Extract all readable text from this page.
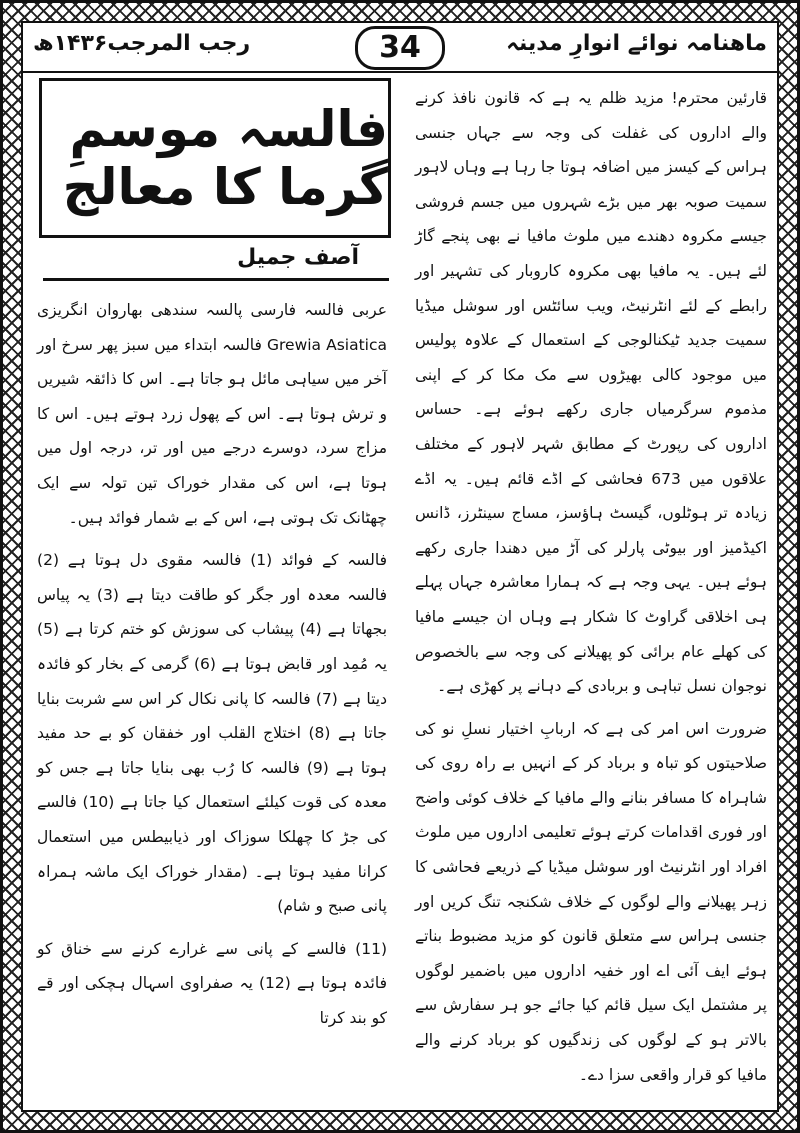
ماھنامہ نوائے انوارِ مدینہ
34
رجب المرجب۱۴۳۶ھ

قارئین محترم! مزید ظلم یہ ہے کہ قانون نافذ کرنے والے اداروں کی غفلت کی وجہ سے جہاں جنسی ہراس کے کیسز میں اضافہ ہوتا جا رہا ہے وہاں لاہور سمیت صوبہ بھر میں بڑے شہروں میں جسم فروشی جیسے مکروہ دھندے میں ملوث مافیا نے بھی پنجے گاڑ لئے ہیں۔ یہ مافیا بھی مکروہ کاروبار کی تشہیر اور رابطے کے لئے انٹرنیٹ، ویب سائٹس اور سوشل میڈیا سمیت جدید ٹیکنالوجی کے استعمال کے علاوہ پولیس میں موجود کالی بھیڑوں سے مک مکا کر کے اپنی مذموم سرگرمیاں جاری رکھے ہوئے ہے۔ حساس اداروں کی رپورٹ کے مطابق شہر لاہور کے مختلف علاقوں میں 673 فحاشی کے اڈے قائم ہیں۔ یہ اڈے زیادہ تر ہوٹلوں، گیسٹ ہاؤسز، مساج سینٹرز، ڈانس اکیڈمیز اور بیوٹی پارلر کی آڑ میں دھندا جاری رکھے ہوئے ہیں۔ یہی وجہ ہے کہ ہمارا معاشرہ جہاں پہلے ہی اخلاقی گراوٹ کا شکار ہے وہاں ان جیسے مافیا کی کھلے عام برائی کو پھیلانے کی وجہ سے بالخصوص نوجوان نسل تباہی و بربادی کے دہانے پر کھڑی ہے۔

ضرورت اس امر کی ہے کہ اربابِ اختیار نسلِ نو کی صلاحیتوں کو تباہ و برباد کر کے انہیں بے راہ روی کی شاہراہ کا مسافر بنانے والے مافیا کے خلاف کوئی واضح اور فوری اقدامات کرتے ہوئے تعلیمی اداروں میں ملوث افراد اور انٹرنیٹ اور سوشل میڈیا کے ذریعے فحاشی کا زہر پھیلانے والے لوگوں کے خلاف شکنجہ تنگ کریں اور جنسی ہراس سے متعلق قانون کو مزید مضبوط بناتے ہوئے ایف آئی اے اور خفیہ اداروں میں باضمیر لوگوں پر مشتمل ایک سیل قائم کیا جائے جو ہر سفارش سے بالاتر ہو کے لوگوں کی زندگیوں کو برباد کرنے والے مافیا کو قرار واقعی سزا دے۔

فالسہ موسمِ گرما کا معالج
آصف جمیل

عربی فالسہ فارسی پالسہ سندھی بھاروان انگریزی Grewia Asiatica فالسہ ابتداء میں سبز پھر سرخ اور آخر میں سیاہی مائل ہو جاتا ہے۔ اس کا ذائقہ شیریں و ترش ہوتا ہے۔ اس کے پھول زرد ہوتے ہیں۔ اس کا مزاج سرد، دوسرے درجے میں اور تر، درجہ اول میں ہوتا ہے، اس کی مقدار خوراک تین تولہ سے ایک چھٹانک تک ہوتی ہے، اس کے بے شمار فوائد ہیں۔

فالسہ کے فوائد (1) فالسہ مقوی دل ہوتا ہے (2) فالسہ معدہ اور جگر کو طاقت دیتا ہے (3) یہ پیاس بجھاتا ہے (4) پیشاب کی سوزش کو ختم کرتا ہے (5) یہ مُمِد اور قابض ہوتا ہے (6) گرمی کے بخار کو فائدہ دیتا ہے (7) فالسہ کا پانی نکال کر اس سے شربت بنایا جاتا ہے (8) اختلاج القلب اور خفقان کو بے حد مفید ہوتا ہے (9) فالسہ کا رُب بھی بنایا جاتا ہے جس کو معدہ کی قوت کیلئے استعمال کیا جاتا ہے (10) فالسے کی جڑ کا چھلکا سوزاک اور ذیابیطس میں استعمال کرانا مفید ہوتا ہے۔ (مقدار خوراک ایک ماشہ ہمراہ پانی صبح و شام)

(11) فالسے کے پانی سے غرارے کرنے سے خناق کو فائدہ ہوتا ہے (12) یہ صفراوی اسہال ہچکی اور قے کو بند کرتا
